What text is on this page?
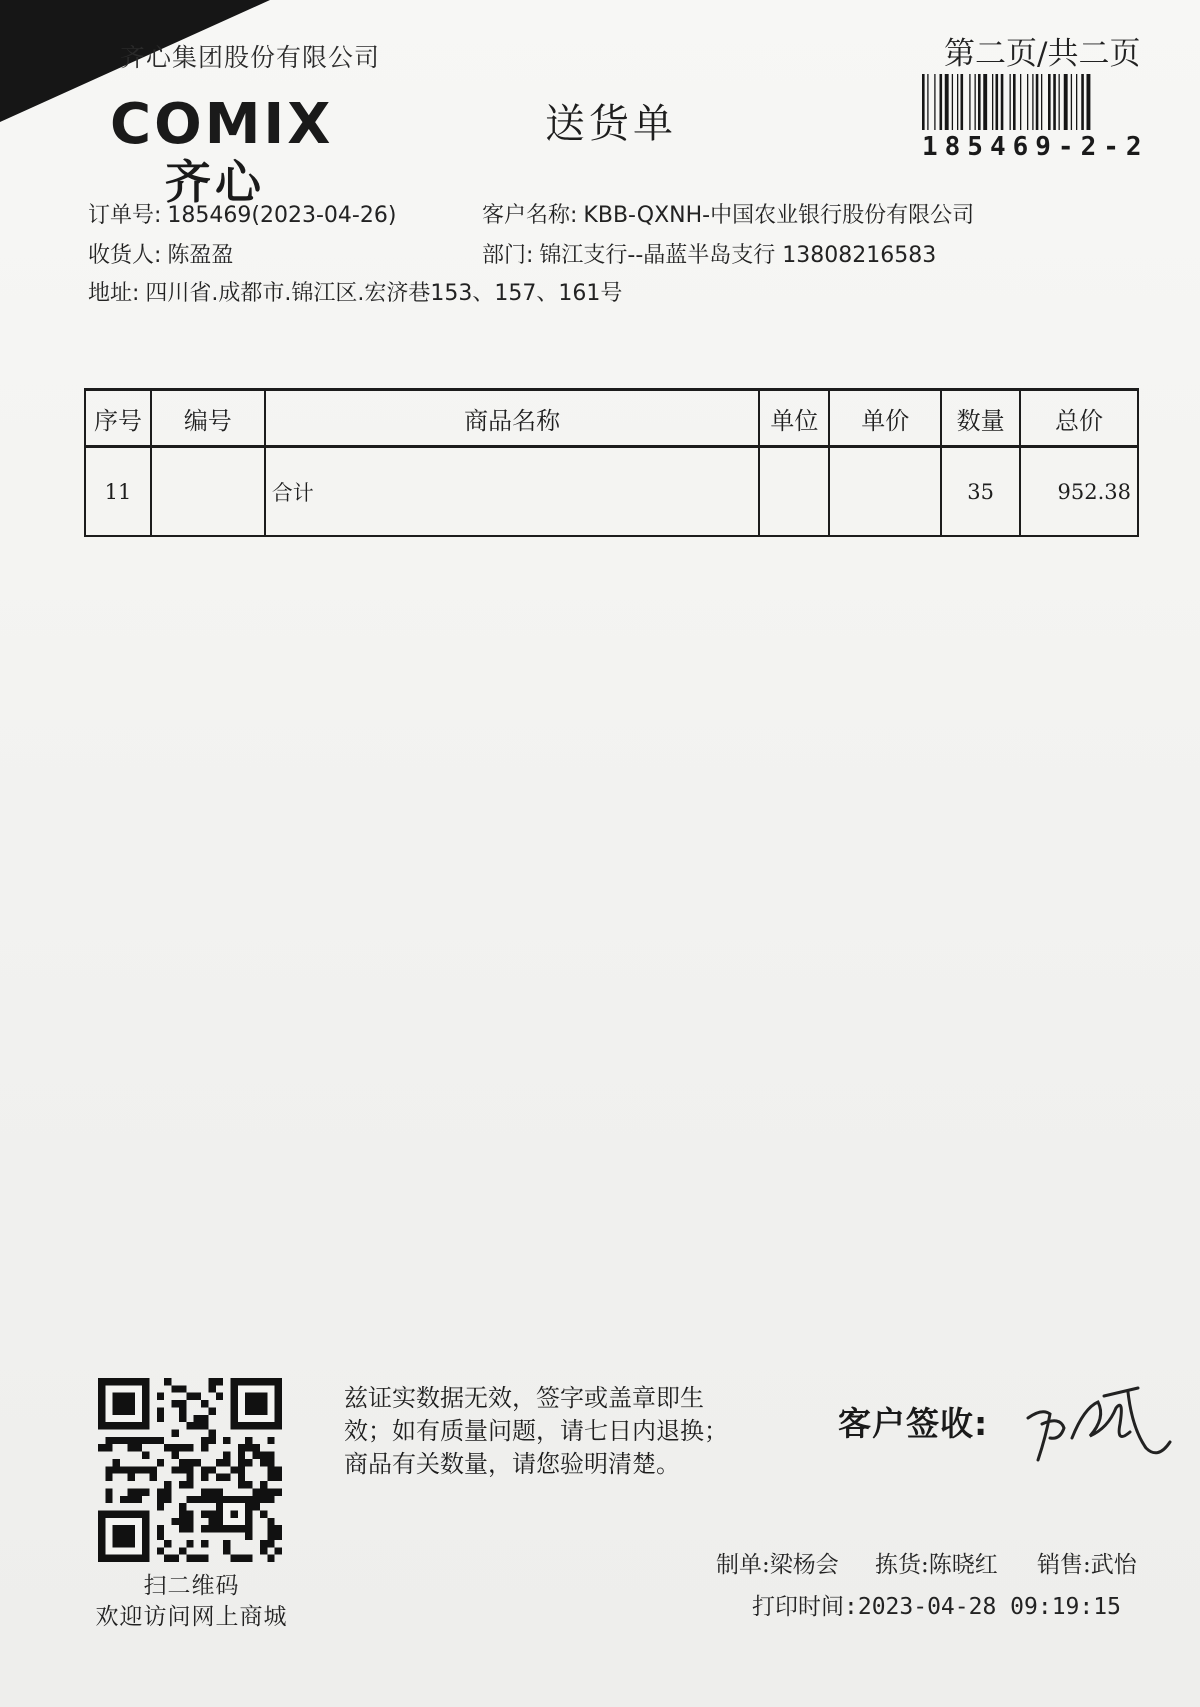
齐心集团股份有限公司
COMIX
齐心
送货单
第二页/共二页
185469-2-2
订单号: 185469(2023-04-26)	客户名称: KBB-QXNH-中国农业银行股份有限公司
收货人: 陈盈盈	部门: 锦江支行--晶蓝半岛支行 13808216583
地址: 四川省.成都市.锦江区.宏济巷153、157、161号
序号	编号	商品名称	单位	单价	数量	总价
11		合计			35	952.38
扫二维码
欢迎访问网上商城
兹证实数据无效，签字或盖章即生
效；如有质量问题，请七日内退换；
商品有关数量，请您验明清楚。
客户签收:
制单:梁杨会 拣货:陈晓红 销售:武怡
打印时间:2023-04-28 09:19:15
